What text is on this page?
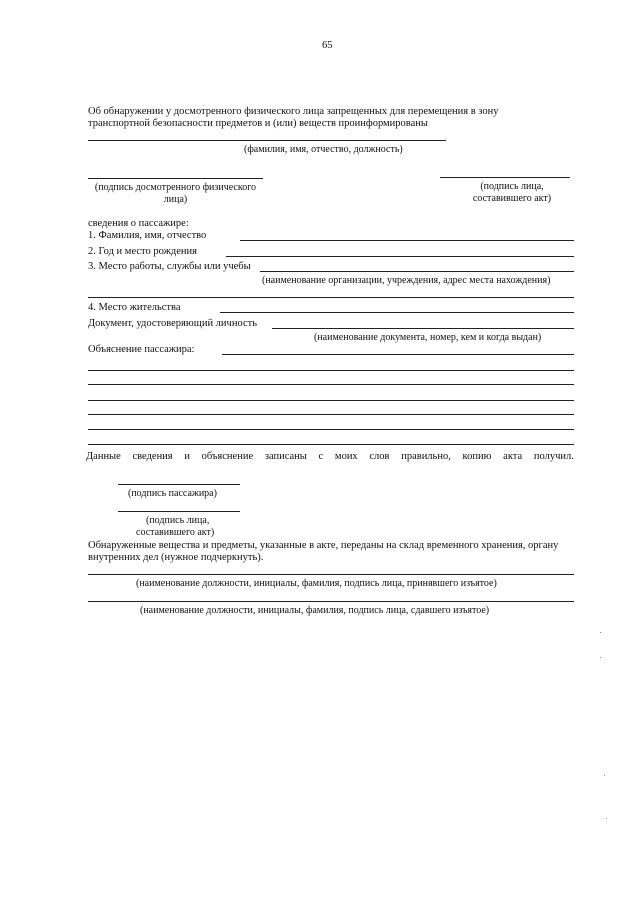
65
Об обнаружении у досмотренного физического лица запрещенных для перемещения в зону
транспортной безопасности предметов и (или) веществ проинформированы
(фамилия, имя, отчество, должность)
(подпись досмотренного физического
лица)
(подпись лица,
составившего акт)
сведения о пассажире:
1. Фамилия, имя, отчество
2. Год и место рождения
3. Место работы, службы или учебы
(наименование организации, учреждения, адрес места нахождения)
4. Место жительства
Документ, удостоверяющий личность
(наименование документа, номер, кем и когда выдан)
Объяснение пассажира:
Данные сведения и объяснение записаны с моих слов правильно, копию акта получил.
(подпись пассажира)
(подпись лица,
составившего акт)
Обнаруженные вещества и предметы, указанные в акте, переданы на склад временного хранения, органу
внутренних дел (нужное подчеркнуть).
(наименование должности, инициалы, фамилия, подпись лица, принявшего изъятое)
(наименование должности, инициалы, фамилия, подпись лица, сдавшего изъятое)
